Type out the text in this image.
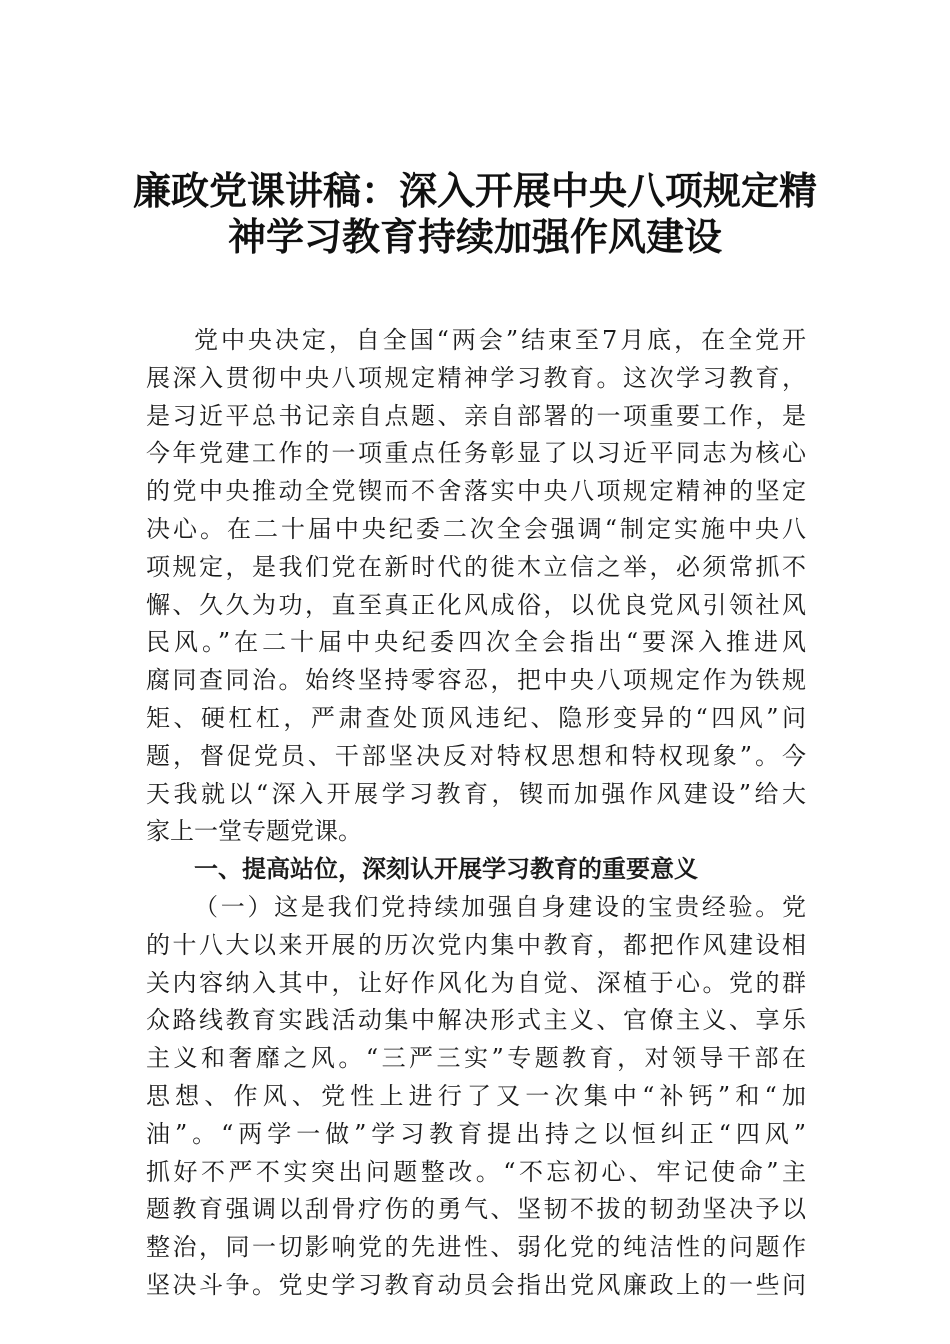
廉政党课讲稿：深入开展中央八项规定精
神学习教育持续加强作风建设
党中央决定，自全国“两会”结束至7月底，在全党开
展深入贯彻中央八项规定精神学习教育。这次学习教育，
是习近平总书记亲自点题、亲自部署的一项重要工作，是
今年党建工作的一项重点任务彰显了以习近平同志为核心
的党中央推动全党锲而不舍落实中央八项规定精神的坚定
决心。在二十届中央纪委二次全会强调“制定实施中央八
项规定，是我们党在新时代的徙木立信之举，必须常抓不
懈、久久为功，直至真正化风成俗，以优良党风引领社风
民风。”在二十届中央纪委四次全会指出“要深入推进风
腐同查同治。始终坚持零容忍，把中央八项规定作为铁规
矩、硬杠杠，严肃查处顶风违纪、隐形变异的“四风”问
题，督促党员、干部坚决反对特权思想和特权现象”。今
天我就以“深入开展学习教育，锲而加强作风建设”给大
家上一堂专题党课。
一、提高站位，深刻认开展学习教育的重要意义
（一）这是我们党持续加强自身建设的宝贵经验。党
的十八大以来开展的历次党内集中教育，都把作风建设相
关内容纳入其中，让好作风化为自觉、深植于心。党的群
众路线教育实践活动集中解决形式主义、官僚主义、享乐
主义和奢靡之风。“三严三实”专题教育，对领导干部在
思想、作风、党性上进行了又一次集中“补钙”和“加
油”。“两学一做”学习教育提出持之以恒纠正“四风”
抓好不严不实突出问题整改。“不忘初心、牢记使命”主
题教育强调以刮骨疗伤的勇气、坚韧不拔的韧劲坚决予以
整治，同一切影响党的先进性、弱化党的纯洁性的问题作
坚决斗争。党史学习教育动员会指出党风廉政上的一些问
